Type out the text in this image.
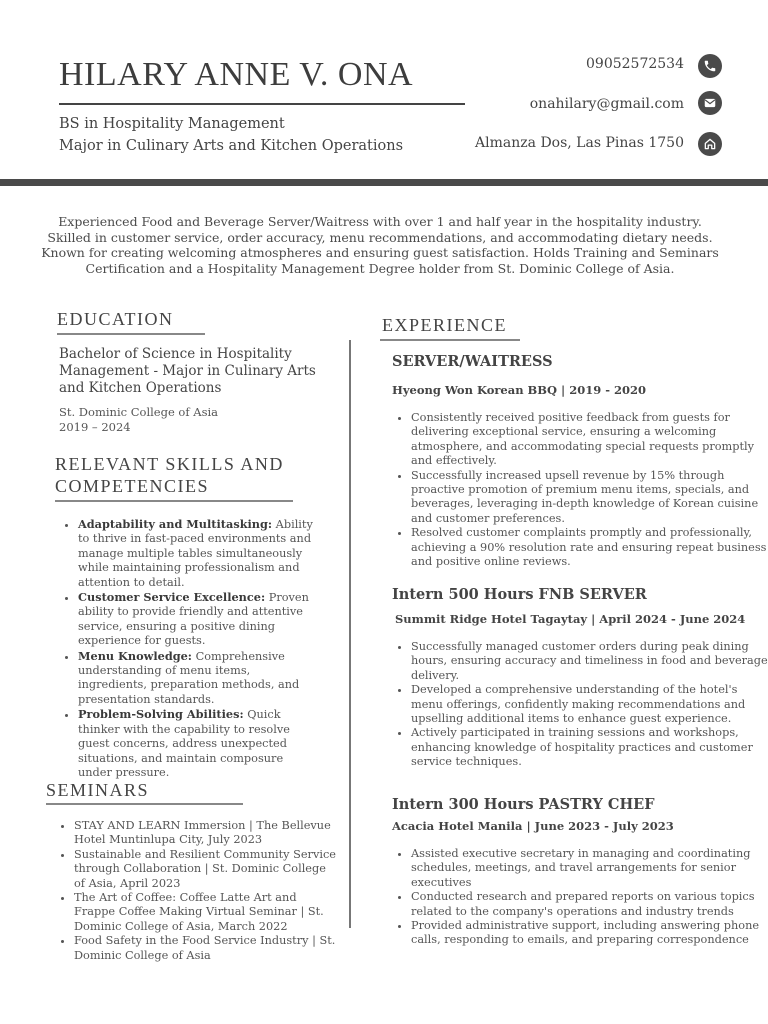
HILARY ANNE V. ONA
BS in Hospitality Management
Major in Culinary Arts and Kitchen Operations
09052572534
onahilary@gmail.com
Almanza Dos, Las Pinas 1750
Experienced Food and Beverage Server/Waitress with over 1 and half year in the hospitality industry. Skilled in customer service, order accuracy, menu recommendations, and accommodating dietary needs. Known for creating welcoming atmospheres and ensuring guest satisfaction. Holds Training and Seminars Certification and a Hospitality Management Degree holder from St. Dominic College of Asia.
EDUCATION
Bachelor of Science in Hospitality Management - Major in Culinary Arts and Kitchen Operations
St. Dominic College of Asia
2019 – 2024
RELEVANT SKILLS AND
COMPETENCIES
• Adaptability and Multitasking: Ability to thrive in fast-paced environments and manage multiple tables simultaneously while maintaining professionalism and attention to detail.
• Customer Service Excellence: Proven ability to provide friendly and attentive service, ensuring a positive dining experience for guests.
• Menu Knowledge: Comprehensive understanding of menu items, ingredients, preparation methods, and presentation standards.
• Problem-Solving Abilities: Quick thinker with the capability to resolve guest concerns, address unexpected situations, and maintain composure under pressure.
SEMINARS
• STAY AND LEARN Immersion | The Bellevue Hotel Muntinlupa City, July 2023
• Sustainable and Resilient Community Service through Collaboration | St. Dominic College of Asia, April 2023
• The Art of Coffee: Coffee Latte Art and Frappe Coffee Making Virtual Seminar | St. Dominic College of Asia, March 2022
• Food Safety in the Food Service Industry | St. Dominic College of Asia
EXPERIENCE
SERVER/WAITRESS
Hyeong Won Korean BBQ | 2019 - 2020
• Consistently received positive feedback from guests for delivering exceptional service, ensuring a welcoming atmosphere, and accommodating special requests promptly and effectively.
• Successfully increased upsell revenue by 15% through proactive promotion of premium menu items, specials, and beverages, leveraging in-depth knowledge of Korean cuisine and customer preferences.
• Resolved customer complaints promptly and professionally, achieving a 90% resolution rate and ensuring repeat business and positive online reviews.
Intern 500 Hours FNB SERVER
Summit Ridge Hotel Tagaytay | April 2024 - June 2024
• Successfully managed customer orders during peak dining hours, ensuring accuracy and timeliness in food and beverage delivery.
• Developed a comprehensive understanding of the hotel's menu offerings, confidently making recommendations and upselling additional items to enhance guest experience.
• Actively participated in training sessions and workshops, enhancing knowledge of hospitality practices and customer service techniques.
Intern 300 Hours PASTRY CHEF
Acacia Hotel Manila | June 2023 - July 2023
• Assisted executive secretary in managing and coordinating schedules, meetings, and travel arrangements for senior executives
• Conducted research and prepared reports on various topics related to the company's operations and industry trends
• Provided administrative support, including answering phone calls, responding to emails, and preparing correspondence
